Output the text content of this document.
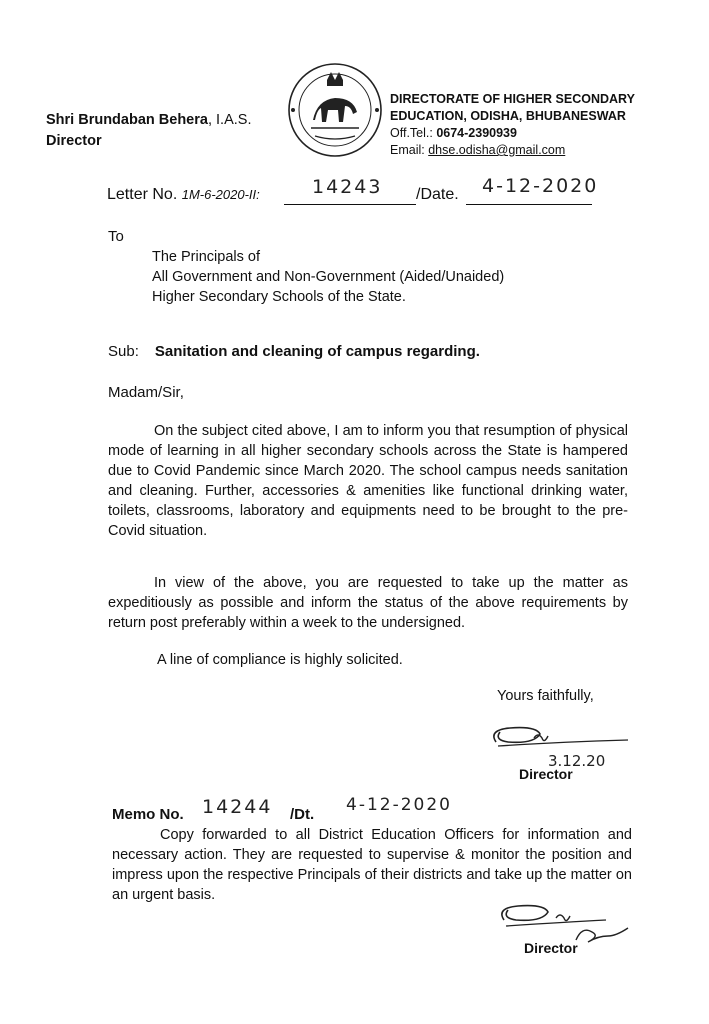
Shri Brundaban Behera, I.A.S.
Director
DIRECTORATE OF HIGHER SECONDARY
EDUCATION, ODISHA, BHUBANESWAR
Off.Tel.: 0674-2390939
Email: dhse.odisha@gmail.com
Letter No. 1M-6-2020-II:	14243 /Date. 4-12-2020
To
The Principals of
All Government and Non-Government (Aided/Unaided)
Higher Secondary Schools of the State.
Sub: Sanitation and cleaning of campus regarding.
Madam/Sir,
On the subject cited above, I am to inform you that resumption of physical mode of learning in all higher secondary schools across the State is hampered due to Covid Pandemic since March 2020. The school campus needs sanitation and cleaning. Further, accessories & amenities like functional drinking water, toilets, classrooms, laboratory and equipments need to be brought to the pre-Covid situation.
In view of the above, you are requested to take up the matter as expeditiously as possible and inform the status of the above requirements by return post preferably within a week to the undersigned.
A line of compliance is highly solicited.
Yours faithfully,
3.12.20
Director
Memo No. 14244 /Dt. 4-12-2020
Copy forwarded to all District Education Officers for information and necessary action. They are requested to supervise & monitor the position and impress upon the respective Principals of their districts and take up the matter on an urgent basis.
Director
